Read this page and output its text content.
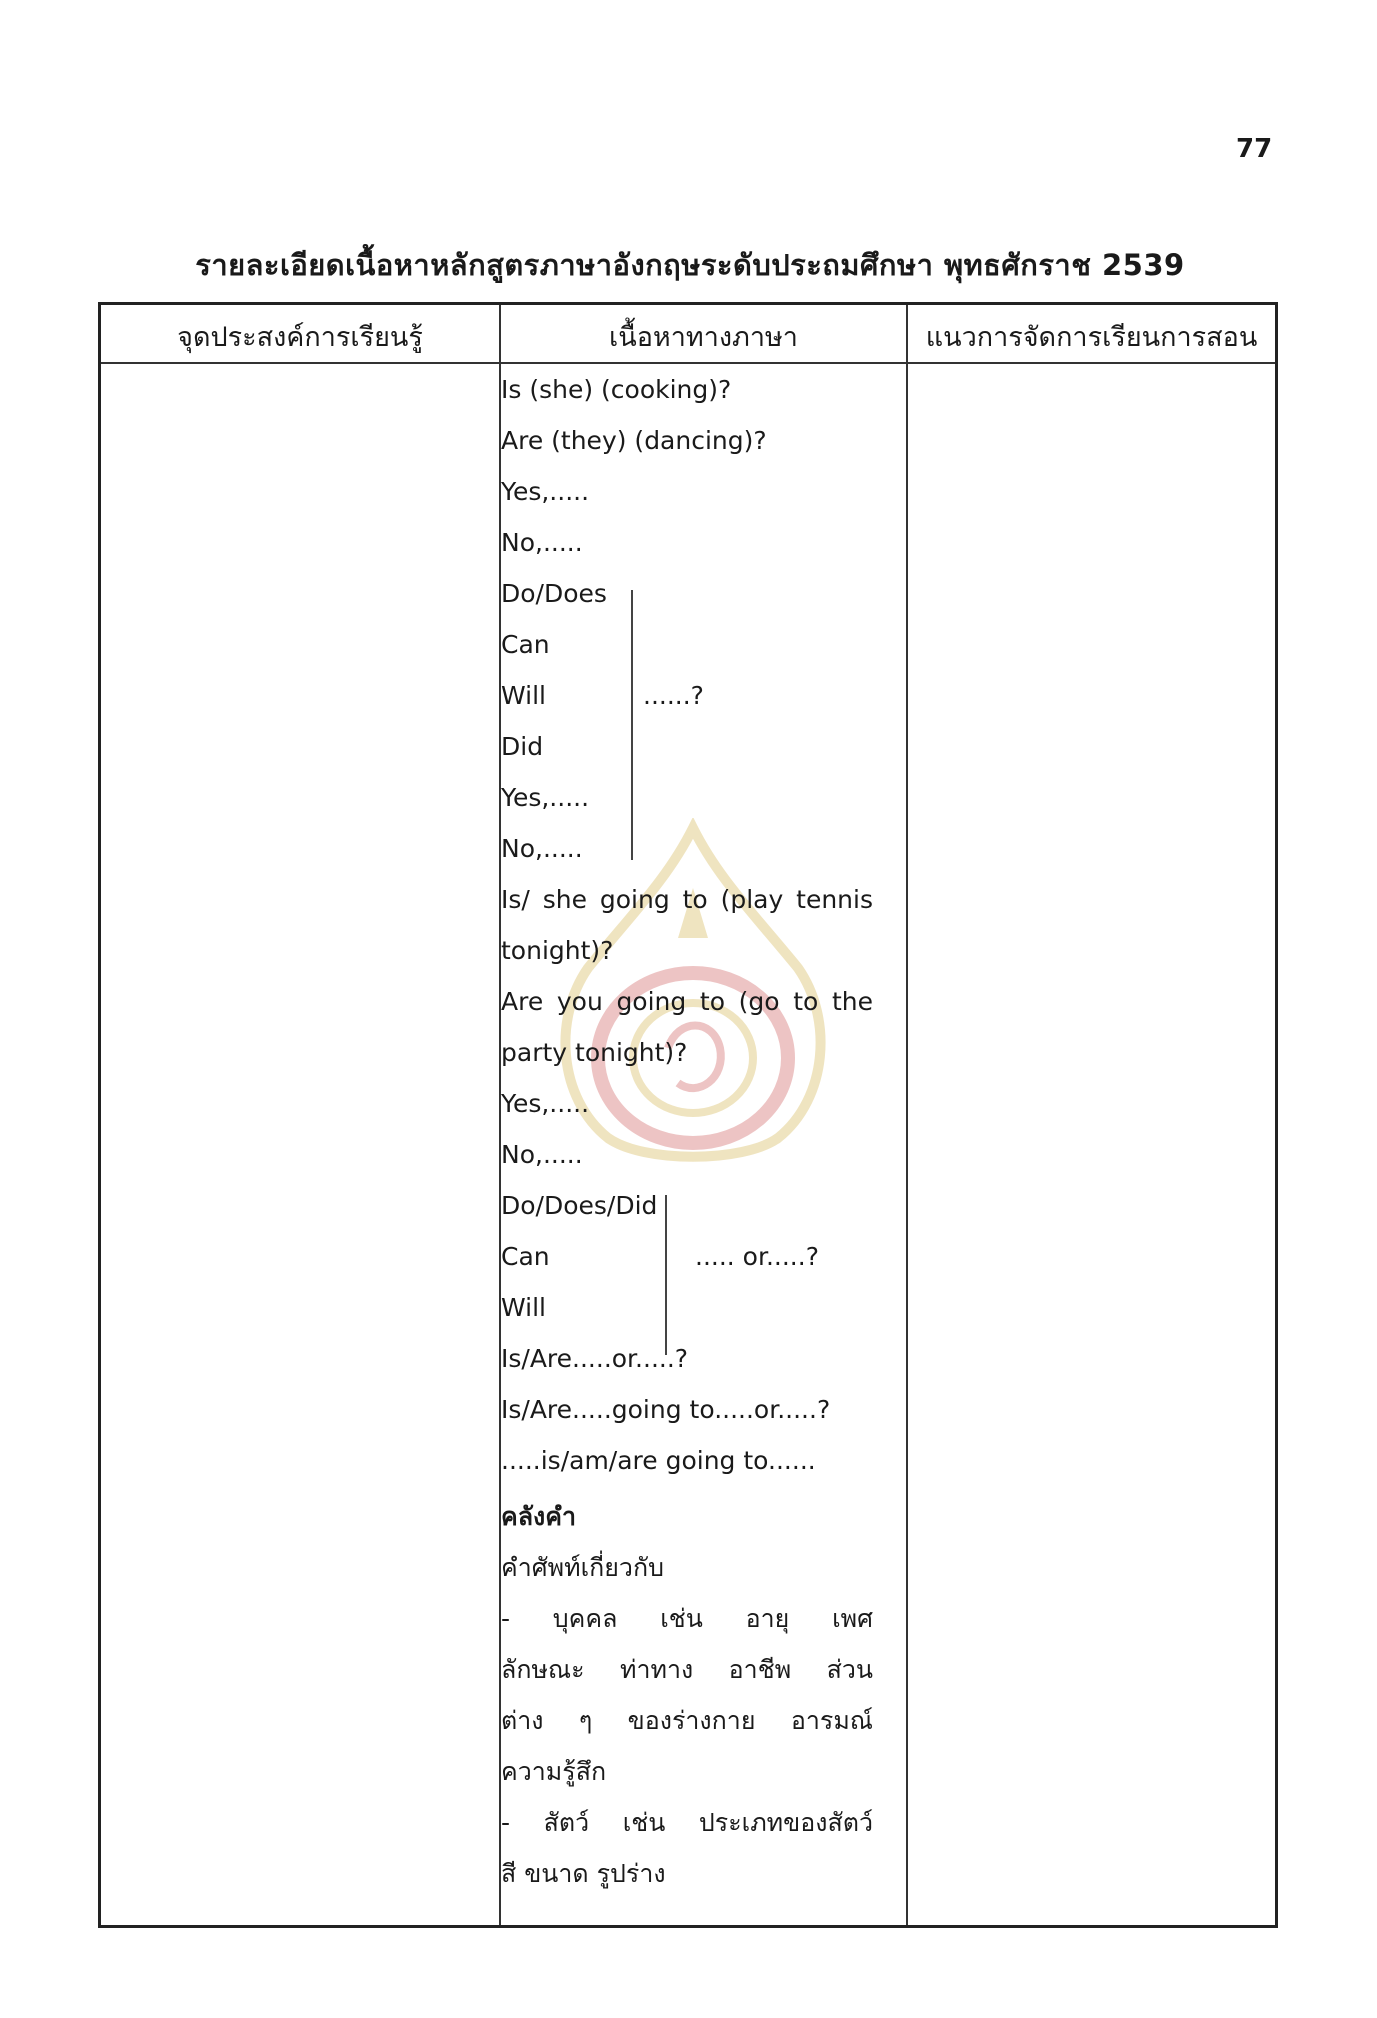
77
รายละเอียดเนื้อหาหลักสูตรภาษาอังกฤษระดับประถมศึกษา พุทธศักราช 2539
จุดประสงค์การเรียนรู้	เนื้อหาทางภาษา	แนวการจัดการเรียนการสอน
Is (she) (cooking)?
Are (they) (dancing)?
Yes,.....
No,.....
Do/Does
Can
Will
Did
Yes,.....
No,.....
......?
Is/ she going to (play tennis
tonight)?
Are you going to (go to the
party tonight)?
Yes,.....
No,.....
Do/Does/Did
Can
Will
..... or.....?
Is/Are.....or.....?
Is/Are.....going to.....or.....?
.....is/am/are going to......
คลังคำ
คำศัพท์เกี่ยวกับ
- บุคคล เช่น อายุ เพศ
ลักษณะ ท่าทาง อาชีพ ส่วน
ต่าง ๆ ของร่างกาย อารมณ์
ความรู้สึก
- สัตว์ เช่น ประเภทของสัตว์
สี ขนาด รูปร่าง
